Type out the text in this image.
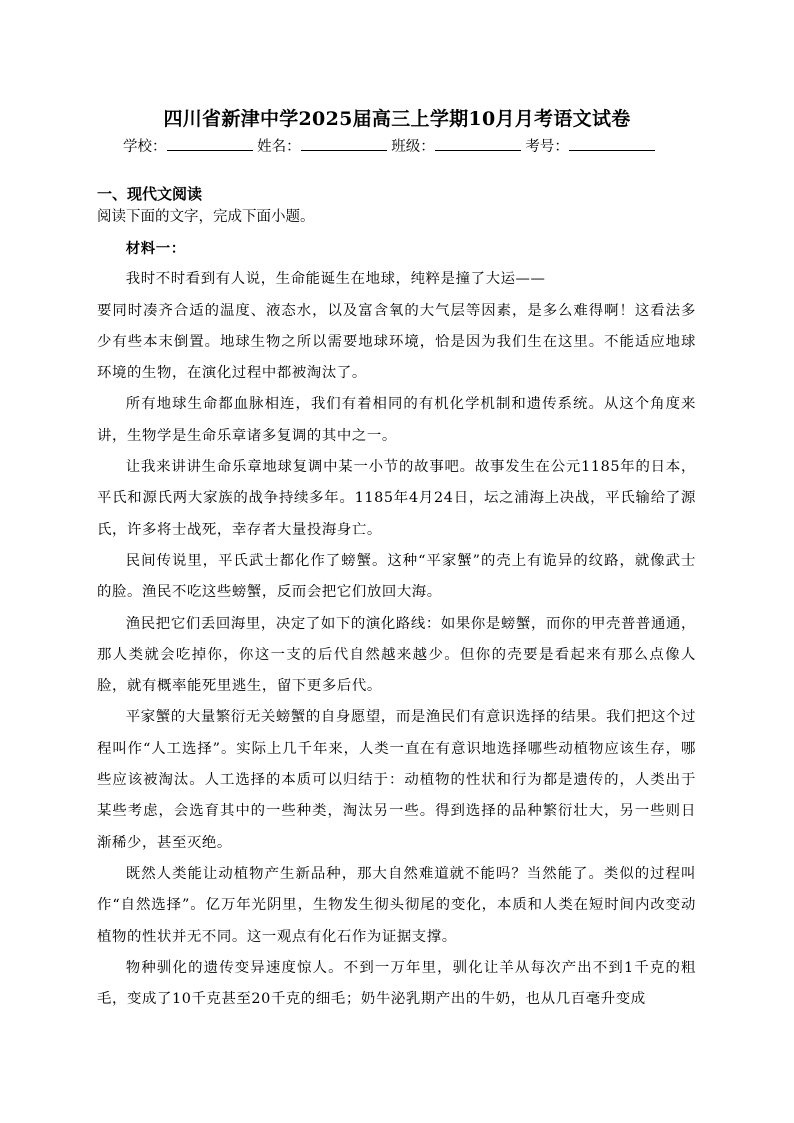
四川省新津中学2025届高三上学期10月月考语文试卷
学校：	姓名：	班级：	考号：
一、现代文阅读
阅读下面的文字，完成下面小题。

材料一：

我时不时看到有人说，生命能诞生在地球，纯粹是撞了大运——

要同时凑齐合适的温度、液态水，以及富含氧的大气层等因素，是多么难得啊！这看法多少有些本末倒置。地球生物之所以需要地球环境，恰是因为我们生在这里。不能适应地球环境的生物，在演化过程中都被淘汰了。

所有地球生命都血脉相连，我们有着相同的有机化学机制和遗传系统。从这个角度来讲，生物学是生命乐章诸多复调的其中之一。

让我来讲讲生命乐章地球复调中某一小节的故事吧。故事发生在公元1185年的日本，平氏和源氏两大家族的战争持续多年。1185年4月24日，坛之浦海上决战，平氏输给了源氏，许多将士战死，幸存者大量投海身亡。

民间传说里，平氏武士都化作了螃蟹。这种“平家蟹”的壳上有诡异的纹路，就像武士的脸。渔民不吃这些螃蟹，反而会把它们放回大海。

渔民把它们丢回海里，决定了如下的演化路线：如果你是螃蟹，而你的甲壳普普通通，那人类就会吃掉你，你这一支的后代自然越来越少。但你的壳要是看起来有那么点像人脸，就有概率能死里逃生，留下更多后代。

平家蟹的大量繁衍无关螃蟹的自身愿望，而是渔民们有意识选择的结果。我们把这个过程叫作“人工选择”。实际上几千年来，人类一直在有意识地选择哪些动植物应该生存，哪些应该被淘汰。人工选择的本质可以归结于：动植物的性状和行为都是遗传的，人类出于某些考虑，会选育其中的一些种类，淘汰另一些。得到选择的品种繁衍壮大，另一些则日渐稀少，甚至灭绝。

既然人类能让动植物产生新品种，那大自然难道就不能吗？当然能了。类似的过程叫作“自然选择”。亿万年光阴里，生物发生彻头彻尾的变化，本质和人类在短时间内改变动植物的性状并无不同。这一观点有化石作为证据支撑。

物种驯化的遗传变异速度惊人。不到一万年里，驯化让羊从每次产出不到1千克的粗毛，变成了10千克甚至20千克的细毛；奶牛泌乳期产出的牛奶，也从几百毫升变成
